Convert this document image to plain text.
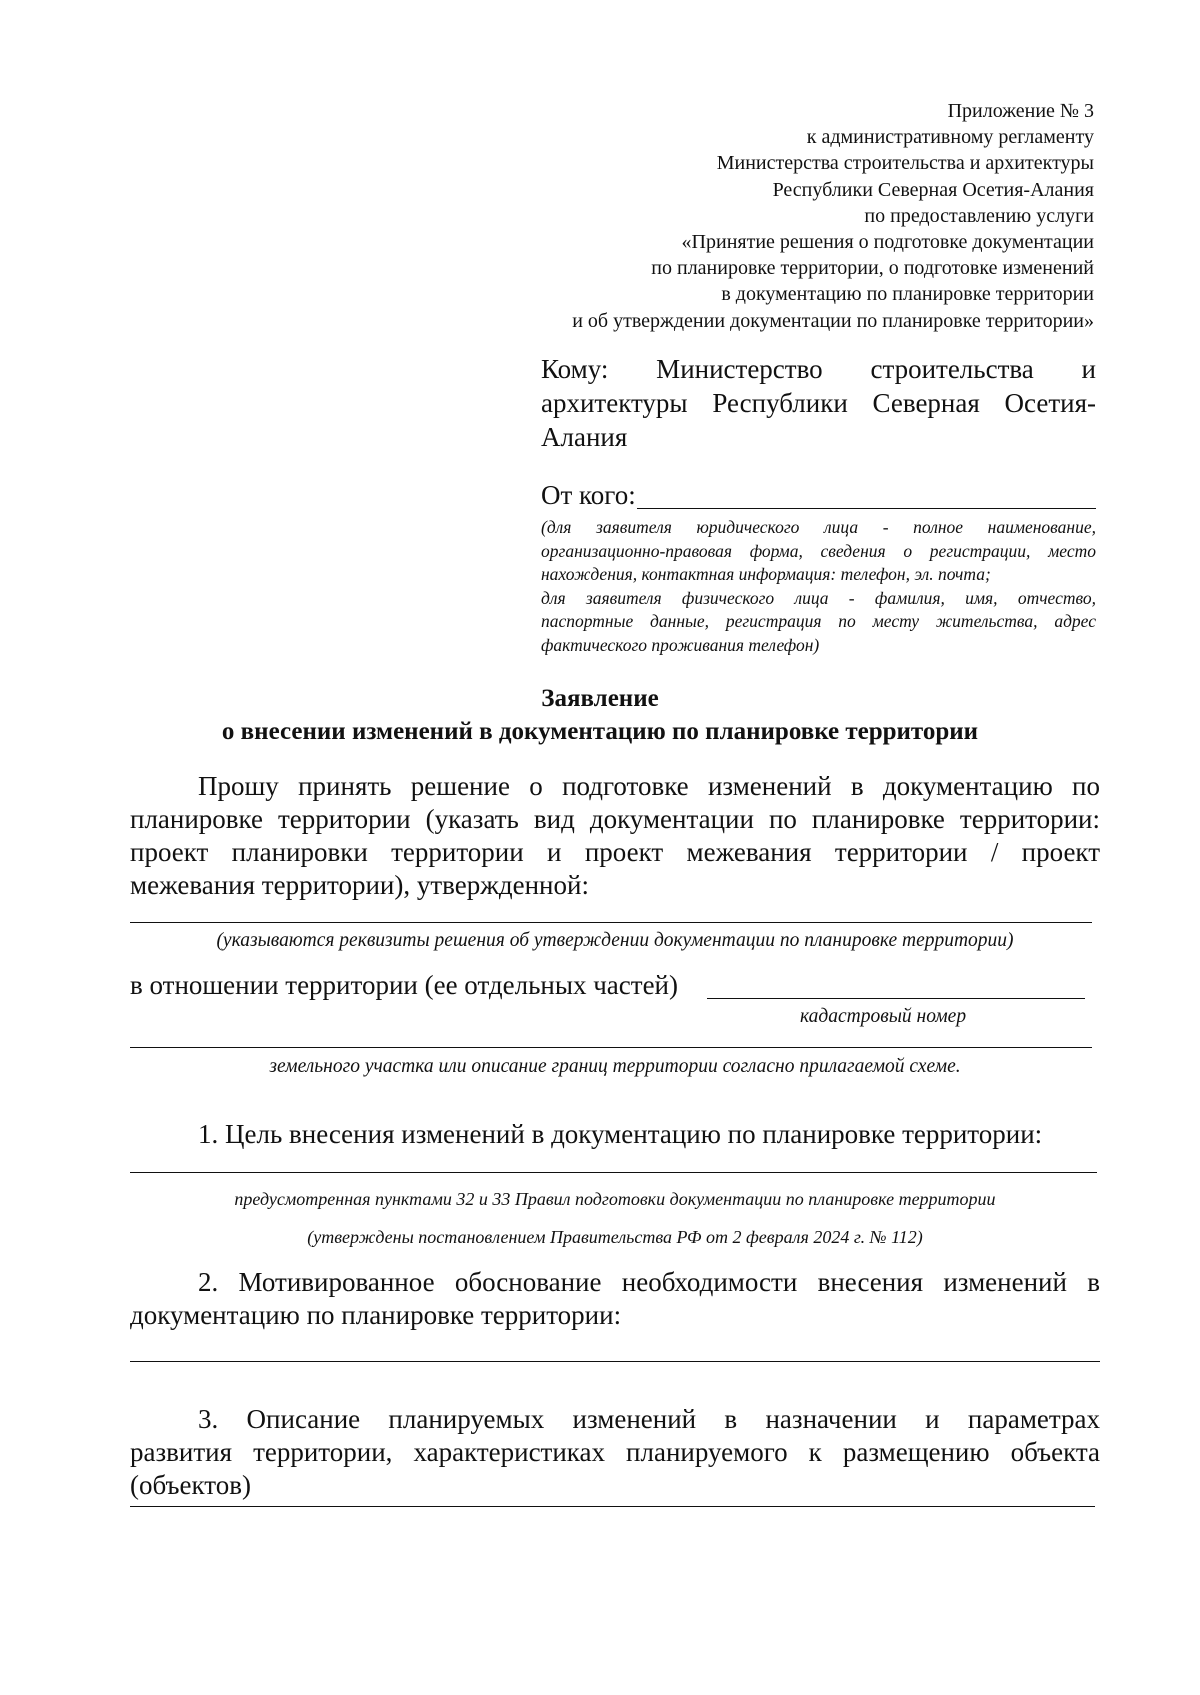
Приложение № 3
к административному регламенту
Министерства строительства и архитектуры
Республики Северная Осетия-Алания
по предоставлению услуги
«Принятие решения о подготовке документации
по планировке территории, о подготовке изменений
в документацию по планировке территории
и об утверждении документации по планировке территории»
Кому: Министерство строительства и
архитектуры Республики Северная Осетия-
Алания
От кого:
(для заявителя юридического лица - полное наименование,
организационно-правовая форма, сведения о регистрации, место
нахождения, контактная информация: телефон, эл. почта;
для заявителя физического лица - фамилия, имя, отчество,
паспортные данные, регистрация по месту жительства, адрес
фактического проживания телефон)
Заявление
о внесении изменений в документацию по планировке территории
Прошу принять решение о подготовке изменений в документацию по
планировке территории (указать вид документации по планировке территории:
проект планировки территории и проект межевания территории / проект
межевания территории), утвержденной:
(указываются реквизиты решения об утверждении документации по планировке территории)
в отношении территории (ее отдельных частей)
кадастровый номер
земельного участка или описание границ территории согласно прилагаемой схеме.
1. Цель внесения изменений в документацию по планировке территории:
предусмотренная пунктами 32 и 33 Правил подготовки документации по планировке территории
(утверждены постановлением Правительства РФ от 2 февраля 2024 г. № 112)
2. Мотивированное обоснование необходимости внесения изменений в
документацию по планировке территории:
3. Описание планируемых изменений в назначении и параметрах
развития территории, характеристиках планируемого к размещению объекта
(объектов)
